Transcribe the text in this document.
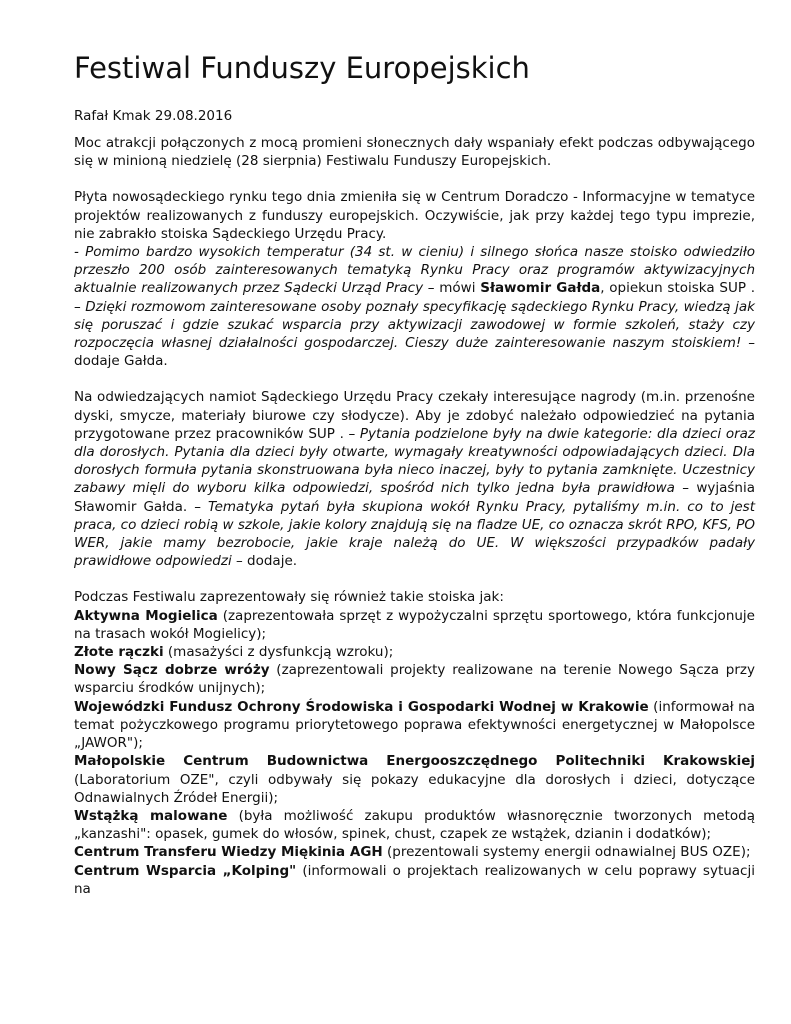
Festiwal Funduszy Europejskich
Rafał Kmak 29.08.2016

Moc atrakcji połączonych z mocą promieni słonecznych dały wspaniały efekt podczas odbywającego się w minioną niedzielę (28 sierpnia) Festiwalu Funduszy Europejskich.

Płyta nowosądeckiego rynku tego dnia zmieniła się w Centrum Doradczo - Informacyjne w tematyce projektów realizowanych z funduszy europejskich. Oczywiście, jak przy każdej tego typu imprezie, nie zabrakło stoiska Sądeckiego Urzędu Pracy.
- Pomimo bardzo wysokich temperatur (34 st. w cieniu) i silnego słońca nasze stoisko odwiedziło przeszło 200 osób zainteresowanych tematyką Rynku Pracy oraz programów aktywizacyjnych aktualnie realizowanych przez Sądecki Urząd Pracy – mówi Sławomir Gałda, opiekun stoiska SUP . – Dzięki rozmowom zainteresowane osoby poznały specyfikację sądeckiego Rynku Pracy, wiedzą jak się poruszać i gdzie szukać wsparcia przy aktywizacji zawodowej w formie szkoleń, staży czy rozpoczęcia własnej działalności gospodarczej. Cieszy duże zainteresowanie naszym stoiskiem! – dodaje Gałda.

Na odwiedzających namiot Sądeckiego Urzędu Pracy czekały interesujące nagrody (m.in. przenośne dyski, smycze, materiały biurowe czy słodycze). Aby je zdobyć należało odpowiedzieć na pytania przygotowane przez pracowników SUP . – Pytania podzielone były na dwie kategorie: dla dzieci oraz dla dorosłych. Pytania dla dzieci były otwarte, wymagały kreatywności odpowiadających dzieci. Dla dorosłych formuła pytania skonstruowana była nieco inaczej, były to pytania zamknięte. Uczestnicy zabawy mięli do wyboru kilka odpowiedzi, spośród nich tylko jedna była prawidłowa – wyjaśnia Sławomir Gałda. – Tematyka pytań była skupiona wokół Rynku Pracy, pytaliśmy m.in. co to jest praca, co dzieci robią w szkole, jakie kolory znajdują się na fladze UE, co oznacza skrót RPO, KFS, PO WER, jakie mamy bezrobocie, jakie kraje należą do UE. W większości przypadków padały prawidłowe odpowiedzi – dodaje.

Podczas Festiwalu zaprezentowały się również takie stoiska jak:
Aktywna Mogielica (zaprezentowała sprzęt z wypożyczalni sprzętu sportowego, która funkcjonuje na trasach wokół Mogielicy);
Złote rączki (masażyści z dysfunkcją wzroku);
Nowy Sącz dobrze wróży (zaprezentowali projekty realizowane na terenie Nowego Sącza przy wsparciu środków unijnych);
Wojewódzki Fundusz Ochrony Środowiska i Gospodarki Wodnej w Krakowie (informował na temat pożyczkowego programu priorytetowego poprawa efektywności energetycznej w Małopolsce „JAWOR");
Małopolskie Centrum Budownictwa Energooszczędnego Politechniki Krakowskiej (Laboratorium OZE", czyli odbywały się pokazy edukacyjne dla dorosłych i dzieci, dotyczące Odnawialnych Źródeł Energii);
Wstążką malowane (była możliwość zakupu produktów własnoręcznie tworzonych metodą „kanzashi": opasek, gumek do włosów, spinek, chust, czapek ze wstążek, dzianin i dodatków);
Centrum Transferu Wiedzy Miękinia AGH (prezentowali systemy energii odnawialnej BUS OZE);
Centrum Wsparcia „Kolping" (informowali o projektach realizowanych w celu poprawy sytuacji na
